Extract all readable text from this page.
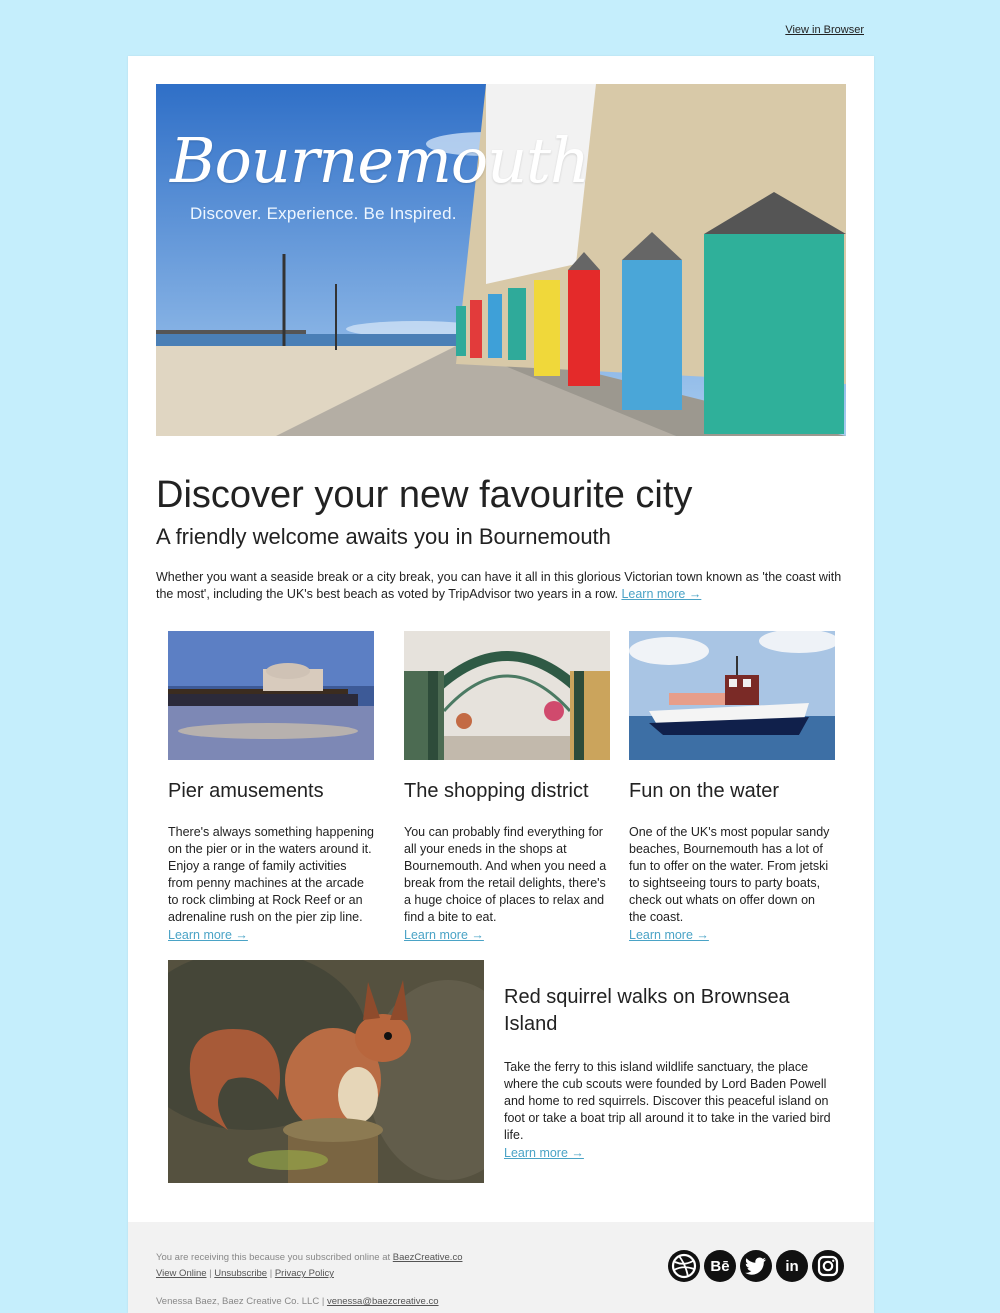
View in Browser
Bournemouth
Discover. Experience. Be Inspired.
Discover your new favourite city
A friendly welcome awaits you in Bournemouth

Whether you want a seaside break or a city break, you can have it all in this glorious Victorian town known as 'the coast with the most', including the UK's best beach as voted by TripAdvisor two years in a row. Learn more →

Pier amusements

There's always something happening on the pier or in the waters around it. Enjoy a range of family activities from penny machines at the arcade to rock climbing at Rock Reef or an adrenaline rush on the pier zip line.

Learn more →
The shopping district

You can probably find everything for all your eneds in the shops at Bournemouth. And when you need a break from the retail delights, there's a huge choice of places to relax and find a bite to eat.

Learn more →
Fun on the water

One of the UK's most popular sandy beaches, Bournemouth has a lot of fun to offer on the water. From jetski to sightseeing tours to party boats, check out whats on offer down on the coast.

Learn more →
Red squirrel walks on Brownsea Island

Take the ferry to this island wildlife sanctuary, the place where the cub scouts were founded by Lord Baden Powell and home to red squirrels. Discover this peaceful island on foot or take a boat trip all around it to take in the varied bird life.

Learn more →
You are receiving this because you subscribed online at BaezCreative.co
View Online | Unsubscribe | Privacy Policy
Venessa Baez, Baez Creative Co. LLC | venessa@baezcreative.co
Bē	in
